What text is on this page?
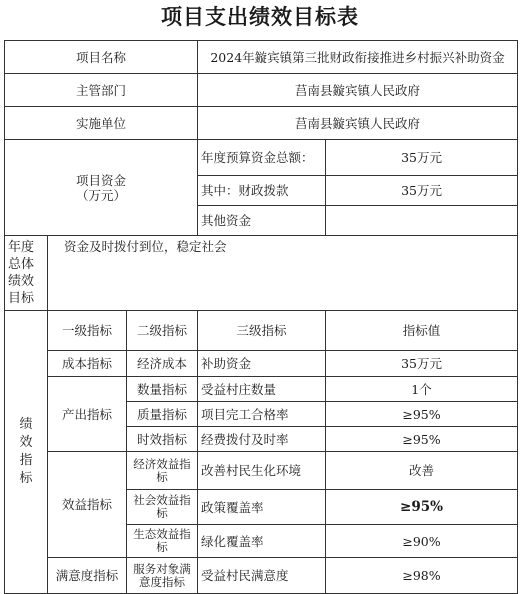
项目支出绩效目标表
项目名称			2024年鏇宾镇第三批财政衔接推进乡村振兴补助资金	
主管部门			莒南县鏇宾镇人民政府	
实施单位			莒南县鏇宾镇人民政府	

项目资金
（万元）			年度预算资金总额：	35万元
			其中：财政拨款	35万元
			其他资金	
年度总体绩效目标	资金及时拨付到位，稳定社会			

绩效指标	一级指标	二级指标	三级指标	指标值
	成本指标	经济成本	补助资金	35万元
	产出指标	数量指标	受益村庄数量	1个
		质量指标	项目完工合格率	≥95%
		时效指标	经费拨付及时率	≥95%
	效益指标	经济效益指标	改善村民生化环境	改善
		社会效益指标	政策覆盖率	≥95%
		生态效益指标	绿化覆盖率	≥90%
	满意度指标	服务对象满意度指标	受益村民满意度	≥98%
